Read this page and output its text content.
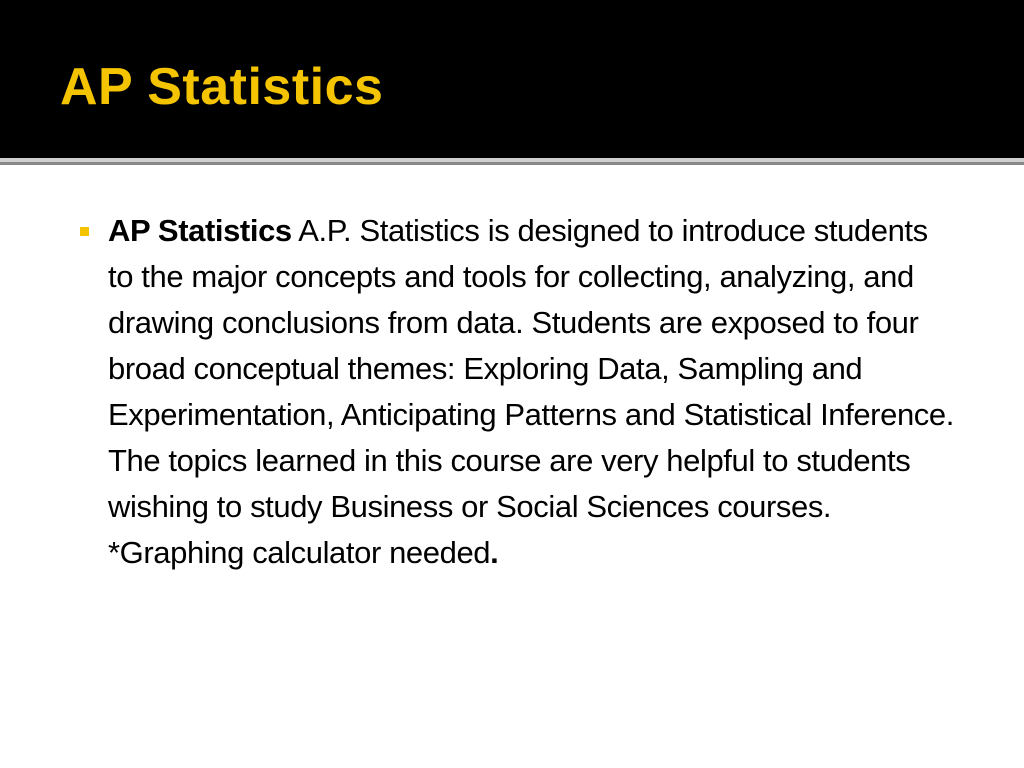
AP Statistics

AP Statistics A.P. Statistics is designed to introduce students to the major concepts and tools for collecting, analyzing, and drawing conclusions from data. Students are exposed to four broad conceptual themes: Exploring Data, Sampling and Experimentation, Anticipating Patterns and Statistical Inference. The topics learned in this course are very helpful to students wishing to study Business or Social Sciences courses. *Graphing calculator needed.
